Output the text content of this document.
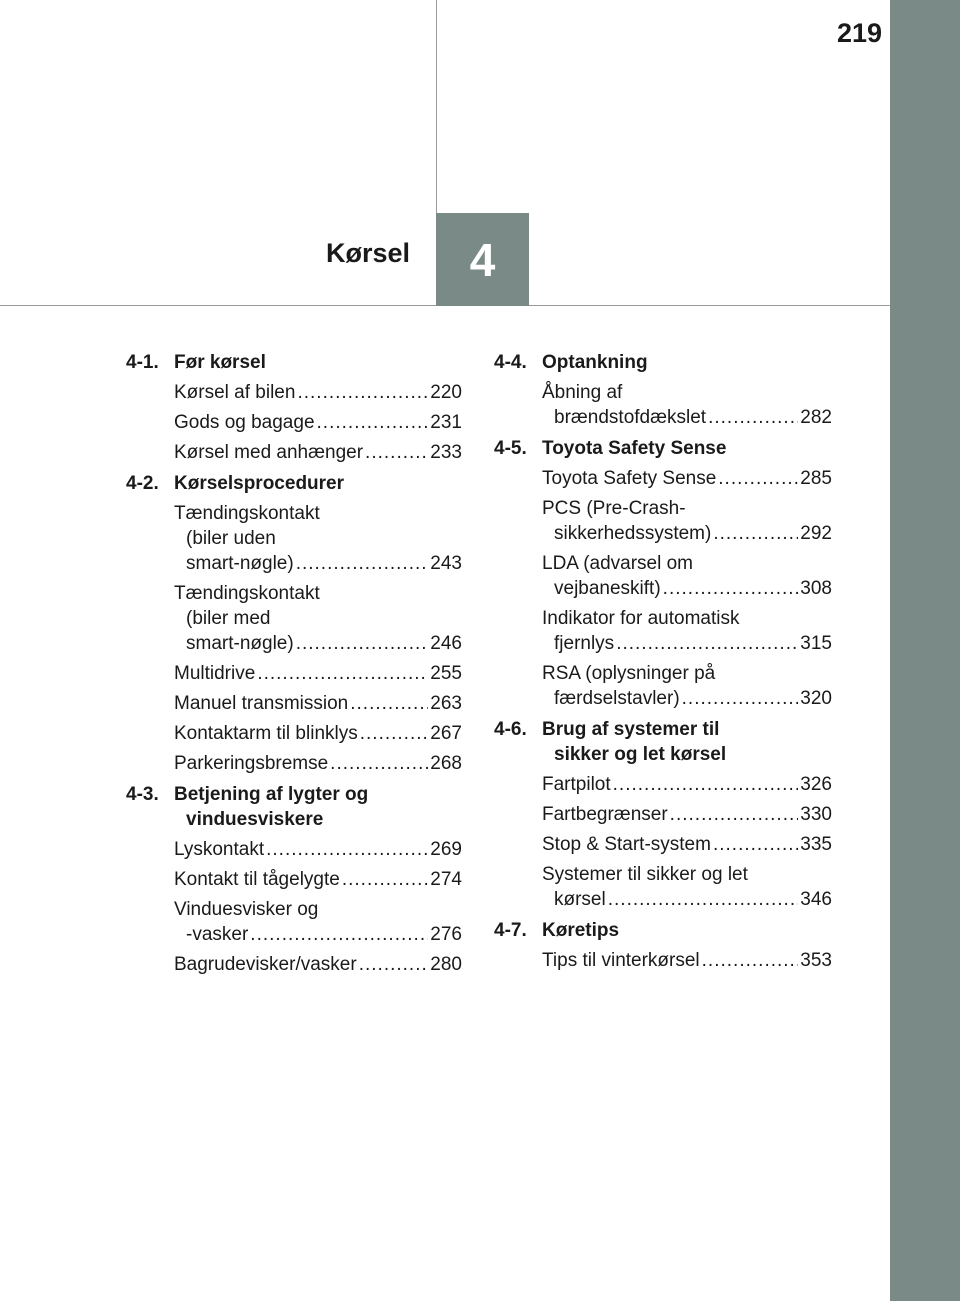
219
Kørsel 4
4-1. Før kørsel
Kørsel af bilen .....	220
Gods og bagage .....	231
Kørsel med anhænger .....	233
4-2. Kørselsprocedurer
Tændingskontakt
(biler uden
smart-nøgle) .....	243
Tændingskontakt
(biler med
smart-nøgle) .....	246
Multidrive .....	255
Manuel transmission .....	263
Kontaktarm til blinklys .....	267
Parkeringsbremse .....	268
4-3. Betjening af lygter og
vinduesviskere
Lyskontakt .....	269
Kontakt til tågelygte .....	274
Vinduesvisker og
-vasker .....	276
Bagrudevisker/vasker .....	280
4-4. Optankning
Åbning af
brændstofdækslet .....	282
4-5. Toyota Safety Sense
Toyota Safety Sense .....	285
PCS (Pre-Crash-
sikkerhedssystem) .....	292
LDA (advarsel om
vejbaneskift) .....	308
Indikator for automatisk
fjernlys .....	315
RSA (oplysninger på
færdselstavler) .....	320
4-6. Brug af systemer til
sikker og let kørsel
Fartpilot .....	326
Fartbegrænser .....	330
Stop & Start-system .....	335
Systemer til sikker og let
kørsel .....	346
4-7. Køretips
Tips til vinterkørsel .....	353
